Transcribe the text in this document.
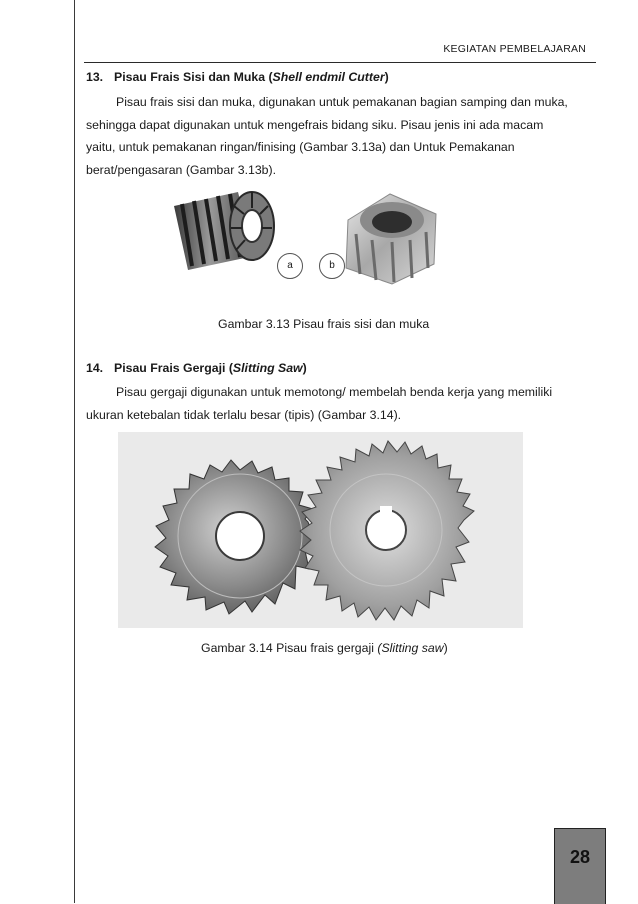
KEGIATAN PEMBELAJARAN
13. Pisau Frais Sisi dan Muka (Shell endmil Cutter)
Pisau frais sisi dan muka, digunakan untuk pemakanan bagian samping dan muka,
sehingga dapat digunakan untuk mengefrais bidang siku. Pisau jenis ini ada macam
yaitu, untuk pemakanan ringan/finising (Gambar 3.13a) dan Untuk Pemakanan
berat/pengasaran (Gambar 3.13b).
a	b
Gambar 3.13 Pisau frais sisi dan muka
14. Pisau Frais Gergaji (Slitting Saw)
Pisau gergaji digunakan untuk memotong/ membelah benda kerja yang memiliki
ukuran ketebalan tidak terlalu besar (tipis) (Gambar 3.14).
Gambar 3.14 Pisau frais gergaji (Slitting saw)
28
